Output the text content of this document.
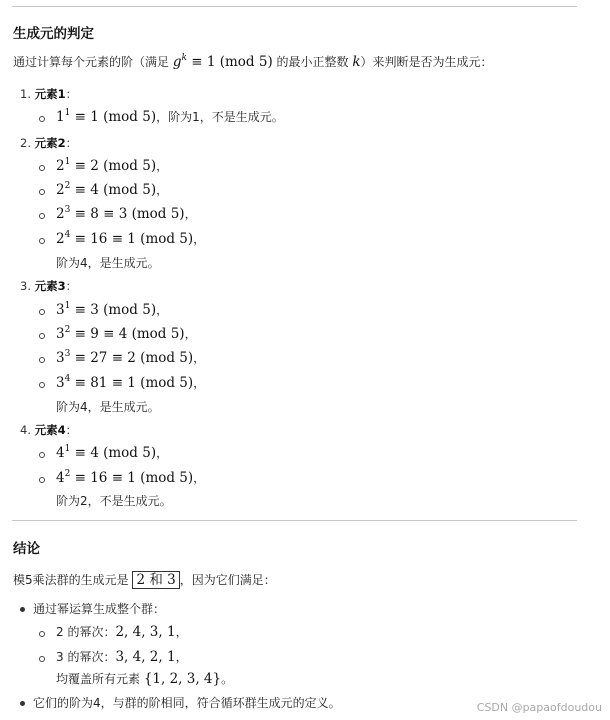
生成元的判定
通过计算每个元素的阶（满足 $g^k \equiv 1$ (mod 5) 的最小正整数 k）来判断是否为生成元：
1. 元素1：
$1^1 \equiv 1$ (mod 5)，阶为1，不是生成元。
2. 元素2：
$2^1 \equiv 2$ (mod 5)，
$2^2 \equiv 4$ (mod 5)，
$2^3 \equiv 8 \equiv 3$ (mod 5)，
$2^4 \equiv 16 \equiv 1$ (mod 5)，
阶为4，是生成元。
3. 元素3：
$3^1 \equiv 3$ (mod 5)，
$3^2 \equiv 9 \equiv 4$ (mod 5)，
$3^3 \equiv 27 \equiv 2$ (mod 5)，
$3^4 \equiv 81 \equiv 1$ (mod 5)，
阶为4，是生成元。
4. 元素4：
$4^1 \equiv 4$ (mod 5)，
$4^2 \equiv 16 \equiv 1$ (mod 5)，
阶为2，不是生成元。
结论
模5乘法群的生成元是 2 和 3 ，因为它们满足：
通过幂运算生成整个群：
2 的幂次：2, 4, 3, 1，
3 的幂次：3, 4, 2, 1，
均覆盖所有元素 {1, 2, 3, 4}。
它们的阶为4，与群的阶相同，符合循环群生成元的定义。	CSDN @papaofdoudou
